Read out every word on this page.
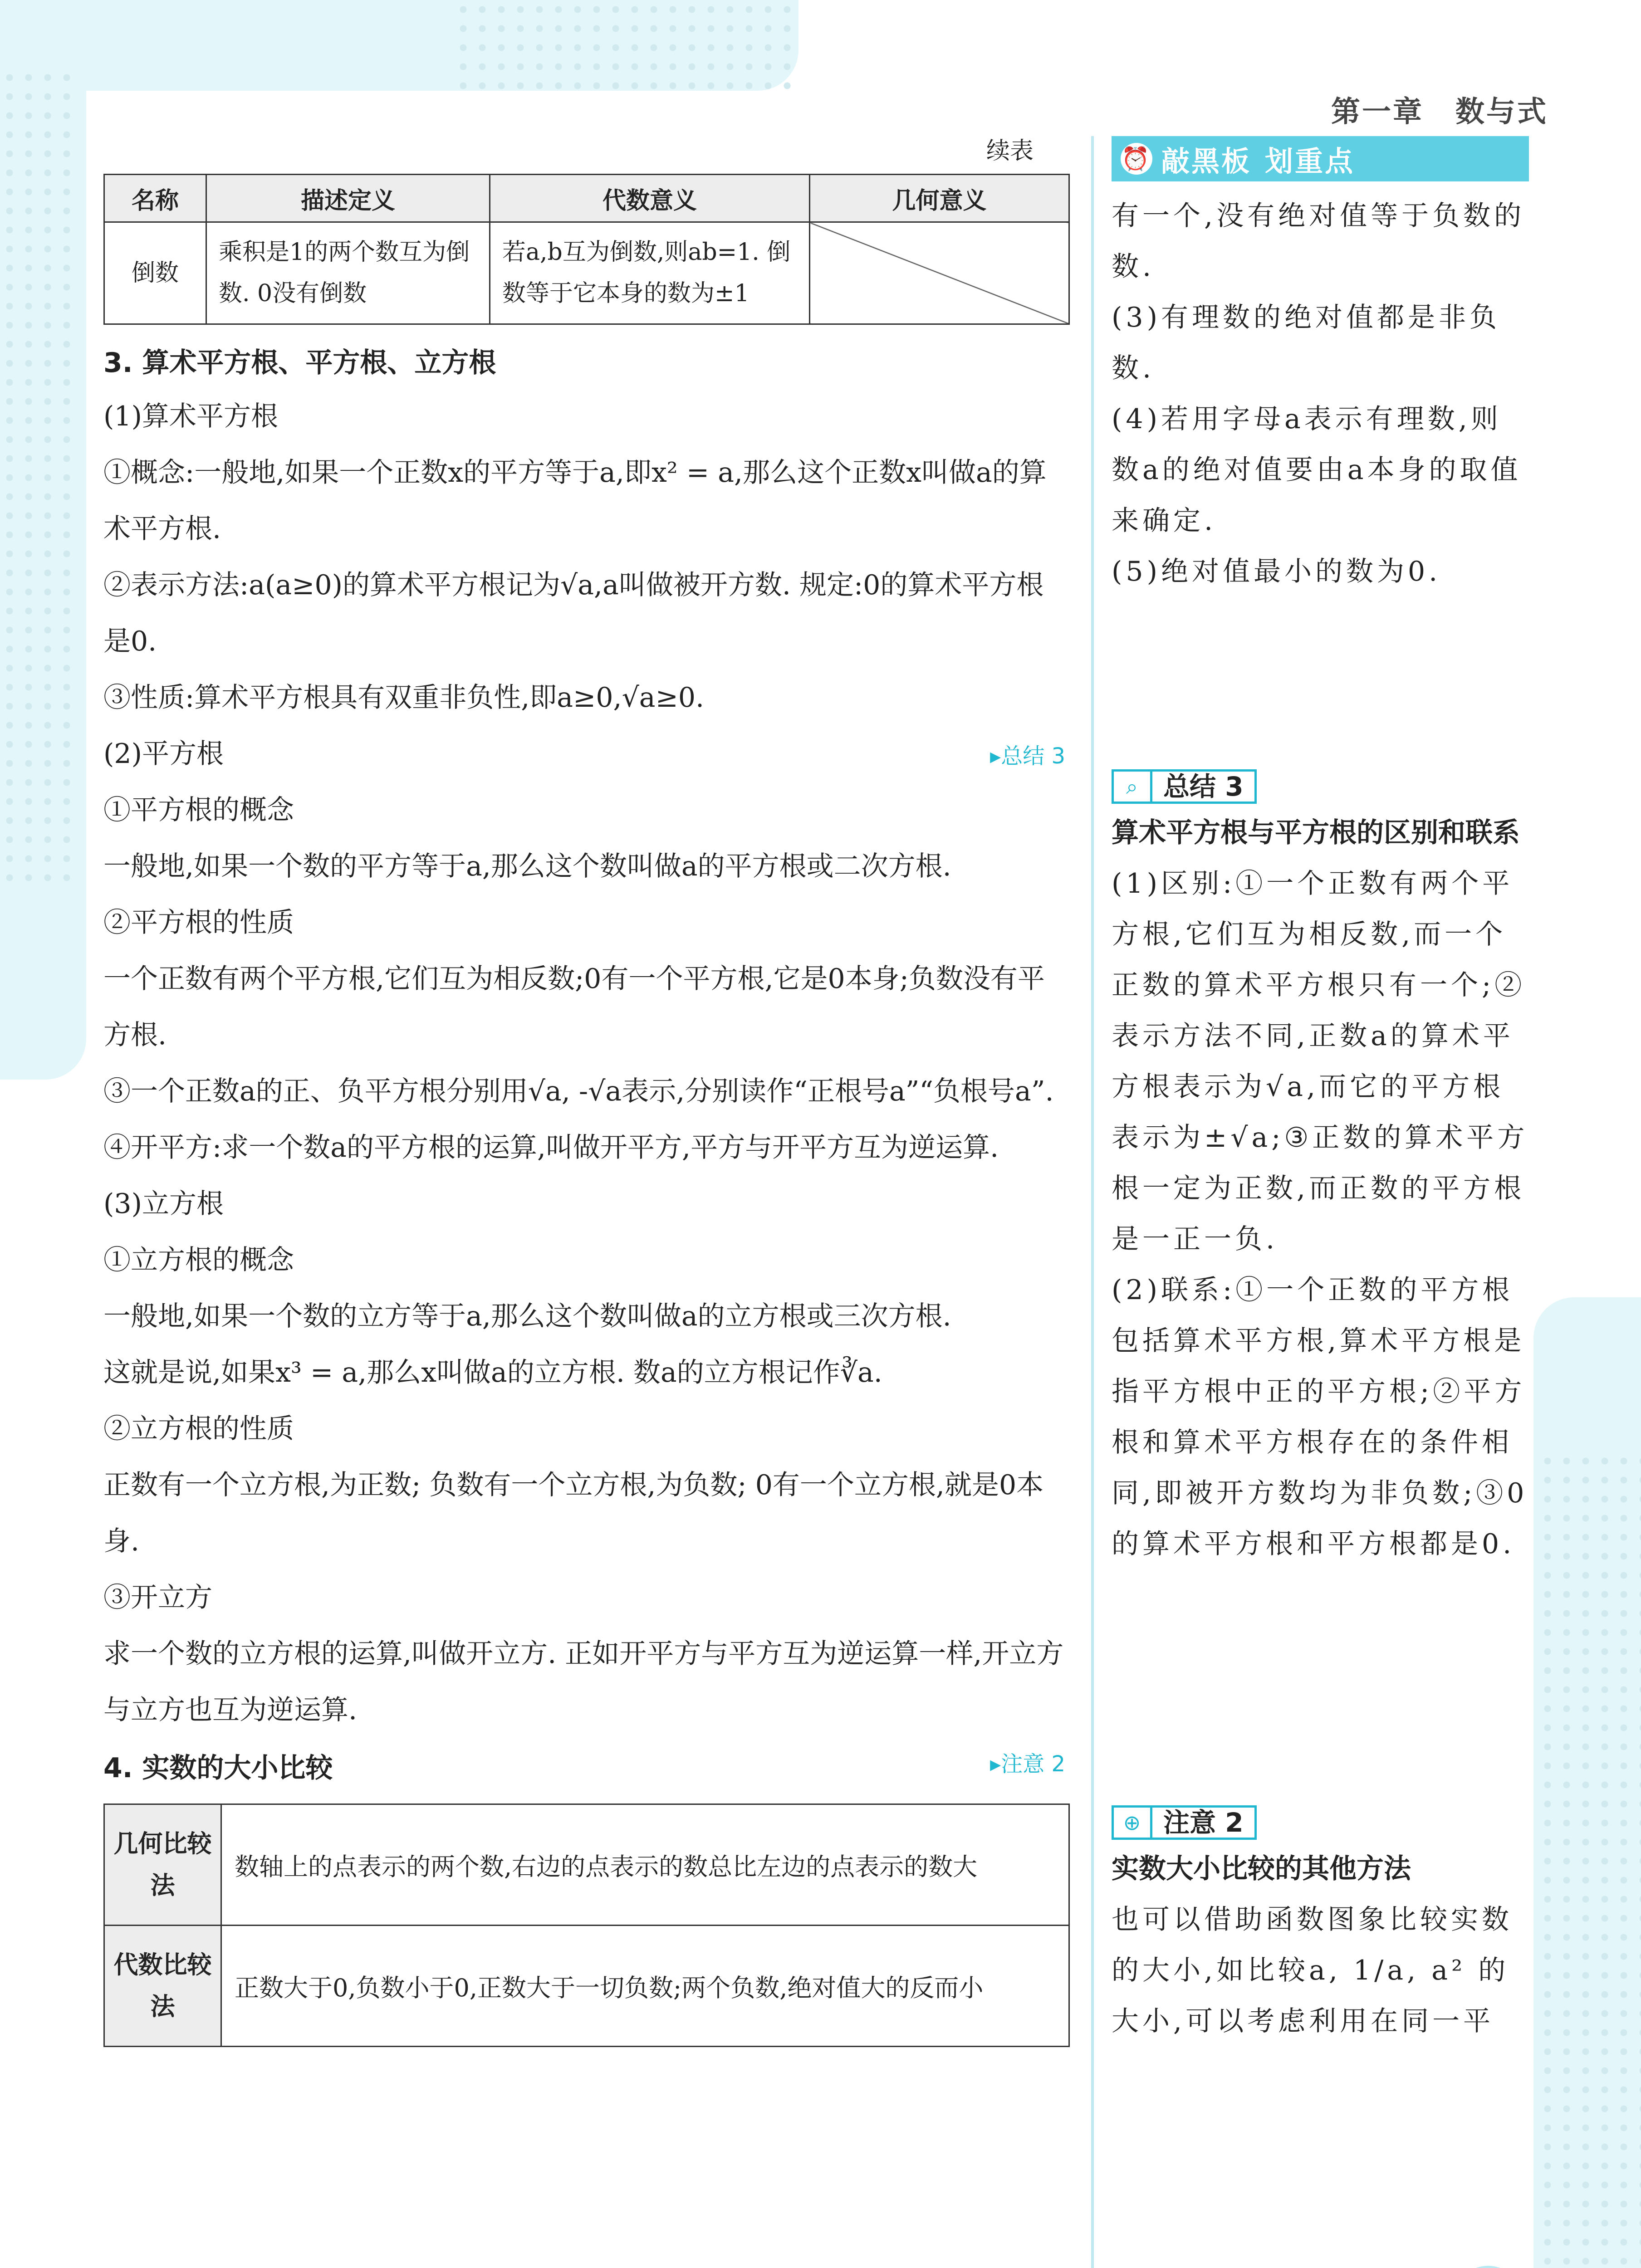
第一章 数与式
续表
名称	描述定义	代数意义	几何意义
倒数	乘积是1的两个数互为倒数. 0没有倒数	若a,b互为倒数,则ab=1. 倒数等于它本身的数为±1	
3. 算术平方根、平方根、立方根

(1)算术平方根

①概念:一般地,如果一个正数x的平方等于a,即x² = a,那么这个正数x叫做a的算术平方根.

②表示方法:a(a≥0)的算术平方根记为√a,a叫做被开方数. 规定:0的算术平方根是0.

③性质:算术平方根具有双重非负性,即a≥0,√a≥0.

(2)平方根	▸ 总结 3

①平方根的概念

一般地,如果一个数的平方等于a,那么这个数叫做a的平方根或二次方根.

②平方根的性质

一个正数有两个平方根,它们互为相反数;0有一个平方根,它是0本身;负数没有平方根.

③一个正数a的正、负平方根分别用√a, -√a表示,分别读作“正根号a”“负根号a”.

④开平方:求一个数a的平方根的运算,叫做开平方,平方与开平方互为逆运算.

(3)立方根

①立方根的概念

一般地,如果一个数的立方等于a,那么这个数叫做a的立方根或三次方根.

这就是说,如果x³ = a,那么x叫做a的立方根. 数a的立方根记作∛a.

②立方根的性质

正数有一个立方根,为正数; 负数有一个立方根,为负数; 0有一个立方根,就是0本身.

③开立方

求一个数的立方根的运算,叫做开立方. 正如开平方与平方互为逆运算一样,开立方与立方也互为逆运算.

4. 实数的大小比较	▸ 注意 2
几何比较法	数轴上的点表示的两个数,右边的点表示的数总比左边的点表示的数大
代数比较法	正数大于0,负数小于0,正数大于一切负数;两个负数,绝对值大的反而小
⏰ 敲黑板 划重点

有一个,没有绝对值等于负数的数.

(3)有理数的绝对值都是非负数.

(4)若用字母a表示有理数,则数a的绝对值要由a本身的取值来确定.

(5)绝对值最小的数为0.

⌕ 总结 3

算术平方根与平方根的区别和联系

(1)区别:①一个正数有两个平方根,它们互为相反数,而一个正数的算术平方根只有一个;②表示方法不同,正数a的算术平方根表示为√a,而它的平方根表示为±√a;③正数的算术平方根一定为正数,而正数的平方根是一正一负.

(2)联系:①一个正数的平方根包括算术平方根,算术平方根是指平方根中正的平方根;②平方根和算术平方根存在的条件相同,即被开方数均为非负数;③0的算术平方根和平方根都是0.

⊕ 注意 2

实数大小比较的其他方法

也可以借助函数图象比较实数的大小,如比较a, 1/a, a² 的大小,可以考虑利用在同一平
